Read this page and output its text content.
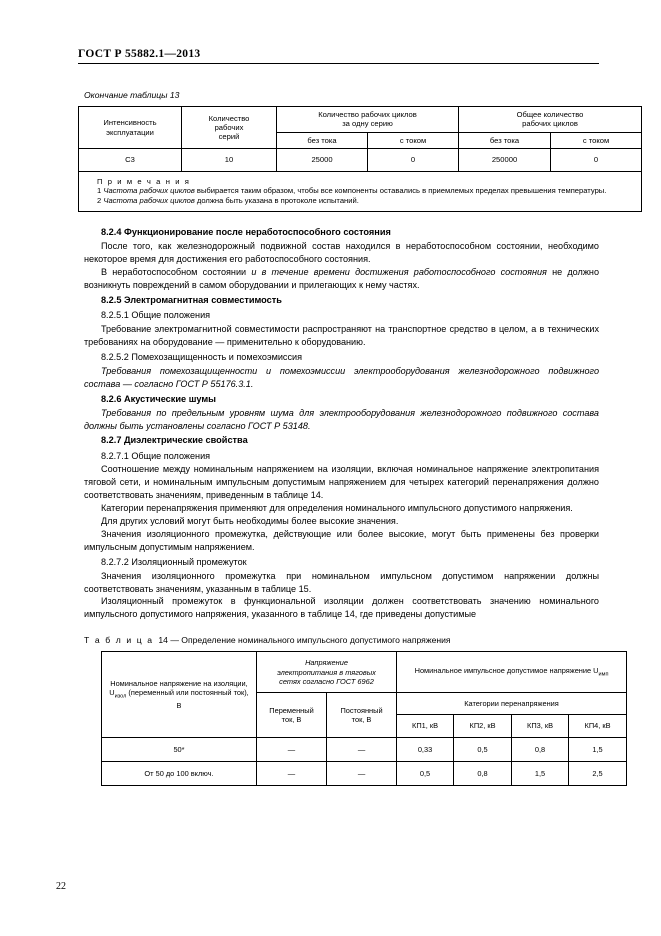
ГОСТ Р 55882.1—2013
Окончание таблицы 13
Интенсивность
эксплуатации	Количество
рабочих
серий	Количество рабочих циклов
за одну серию		Общее количество
рабочих циклов	
		без тока	с током	без тока	с током
C3	10	25000	0	250000	0

П р и м е ч а н и я
1 Частота рабочих циклов выбирается таким образом, чтобы все компоненты оставались в приемлемых пределах превышения температуры.
2 Частота рабочих циклов должна быть указана в протоколе испытаний.					
8.2.4 Функционирование после неработоспособного состояния

После того, как железнодорожный подвижной состав находился в неработоспособном состоянии, необходимо некоторое время для достижения его работоспособного состояния.

В неработоспособном состоянии и в течение времени достижения работоспособного состояния не должно возникнуть повреждений в самом оборудовании и прилегающих к нему частях.

8.2.5 Электромагнитная совместимость
8.2.5.1 Общие положения

Требование электромагнитной совместимости распространяют на транспортное средство в целом, а в технических требованиях на оборудование — применительно к оборудованию.

8.2.5.2 Помехозащищенность и помехоэмиссия

Требования помехозащищенности и помехоэмиссии электрооборудования железнодорожного подвижного состава — согласно ГОСТ Р 55176.3.1.

8.2.6 Акустические шумы

Требования по предельным уровням шума для электрооборудования железнодорожного подвижного состава должны быть установлены согласно ГОСТ Р 53148.

8.2.7 Диэлектрические свойства
8.2.7.1 Общие положения

Соотношение между номинальным напряжением на изоляции, включая номинальное напряжение электропитания тяговой сети, и номинальным импульсным допустимым напряжением для четырех категорий перенапряжения должно соответствовать значениям, приведенным в таблице 14.

Категории перенапряжения применяют для определения номинального импульсного допустимого напряжения.

Для других условий могут быть необходимы более высокие значения.

Значения изоляционного промежутка, действующие или более высокие, могут быть применены без проверки импульсным допустимым напряжением.

8.2.7.2 Изоляционный промежуток

Значения изоляционного промежутка при номинальном импульсном допустимом напряжении должны соответствовать значениям, указанным в таблице 15.

Изоляционный промежуток в функциональной изоляции должен соответствовать значению номинального импульсного допустимого напряжения, указанного в таблице 14, где приведены допустимые

Т а б л и ц а 14 — Определение номинального импульсного допустимого напряжения
Номинальное напряжение на изоляции, $U_{изол}$ (переменный или постоянный ток), В	Напряжение
электропитания в тяговых
сетях согласно ГОСТ 6962		Номинальное импульсное допустимое напряжение $U_{имп}$
	Переменный
ток, В	Постоянный
ток, В	Категории перенапряжения			
			КП1, кВ	КП2, кВ	КП3, кВ	КП4, кВ
50*	—	—	0,33	0,5	0,8	1,5
От 50 до 100 включ.	—	—	0,5	0,8	1,5	2,5
22
